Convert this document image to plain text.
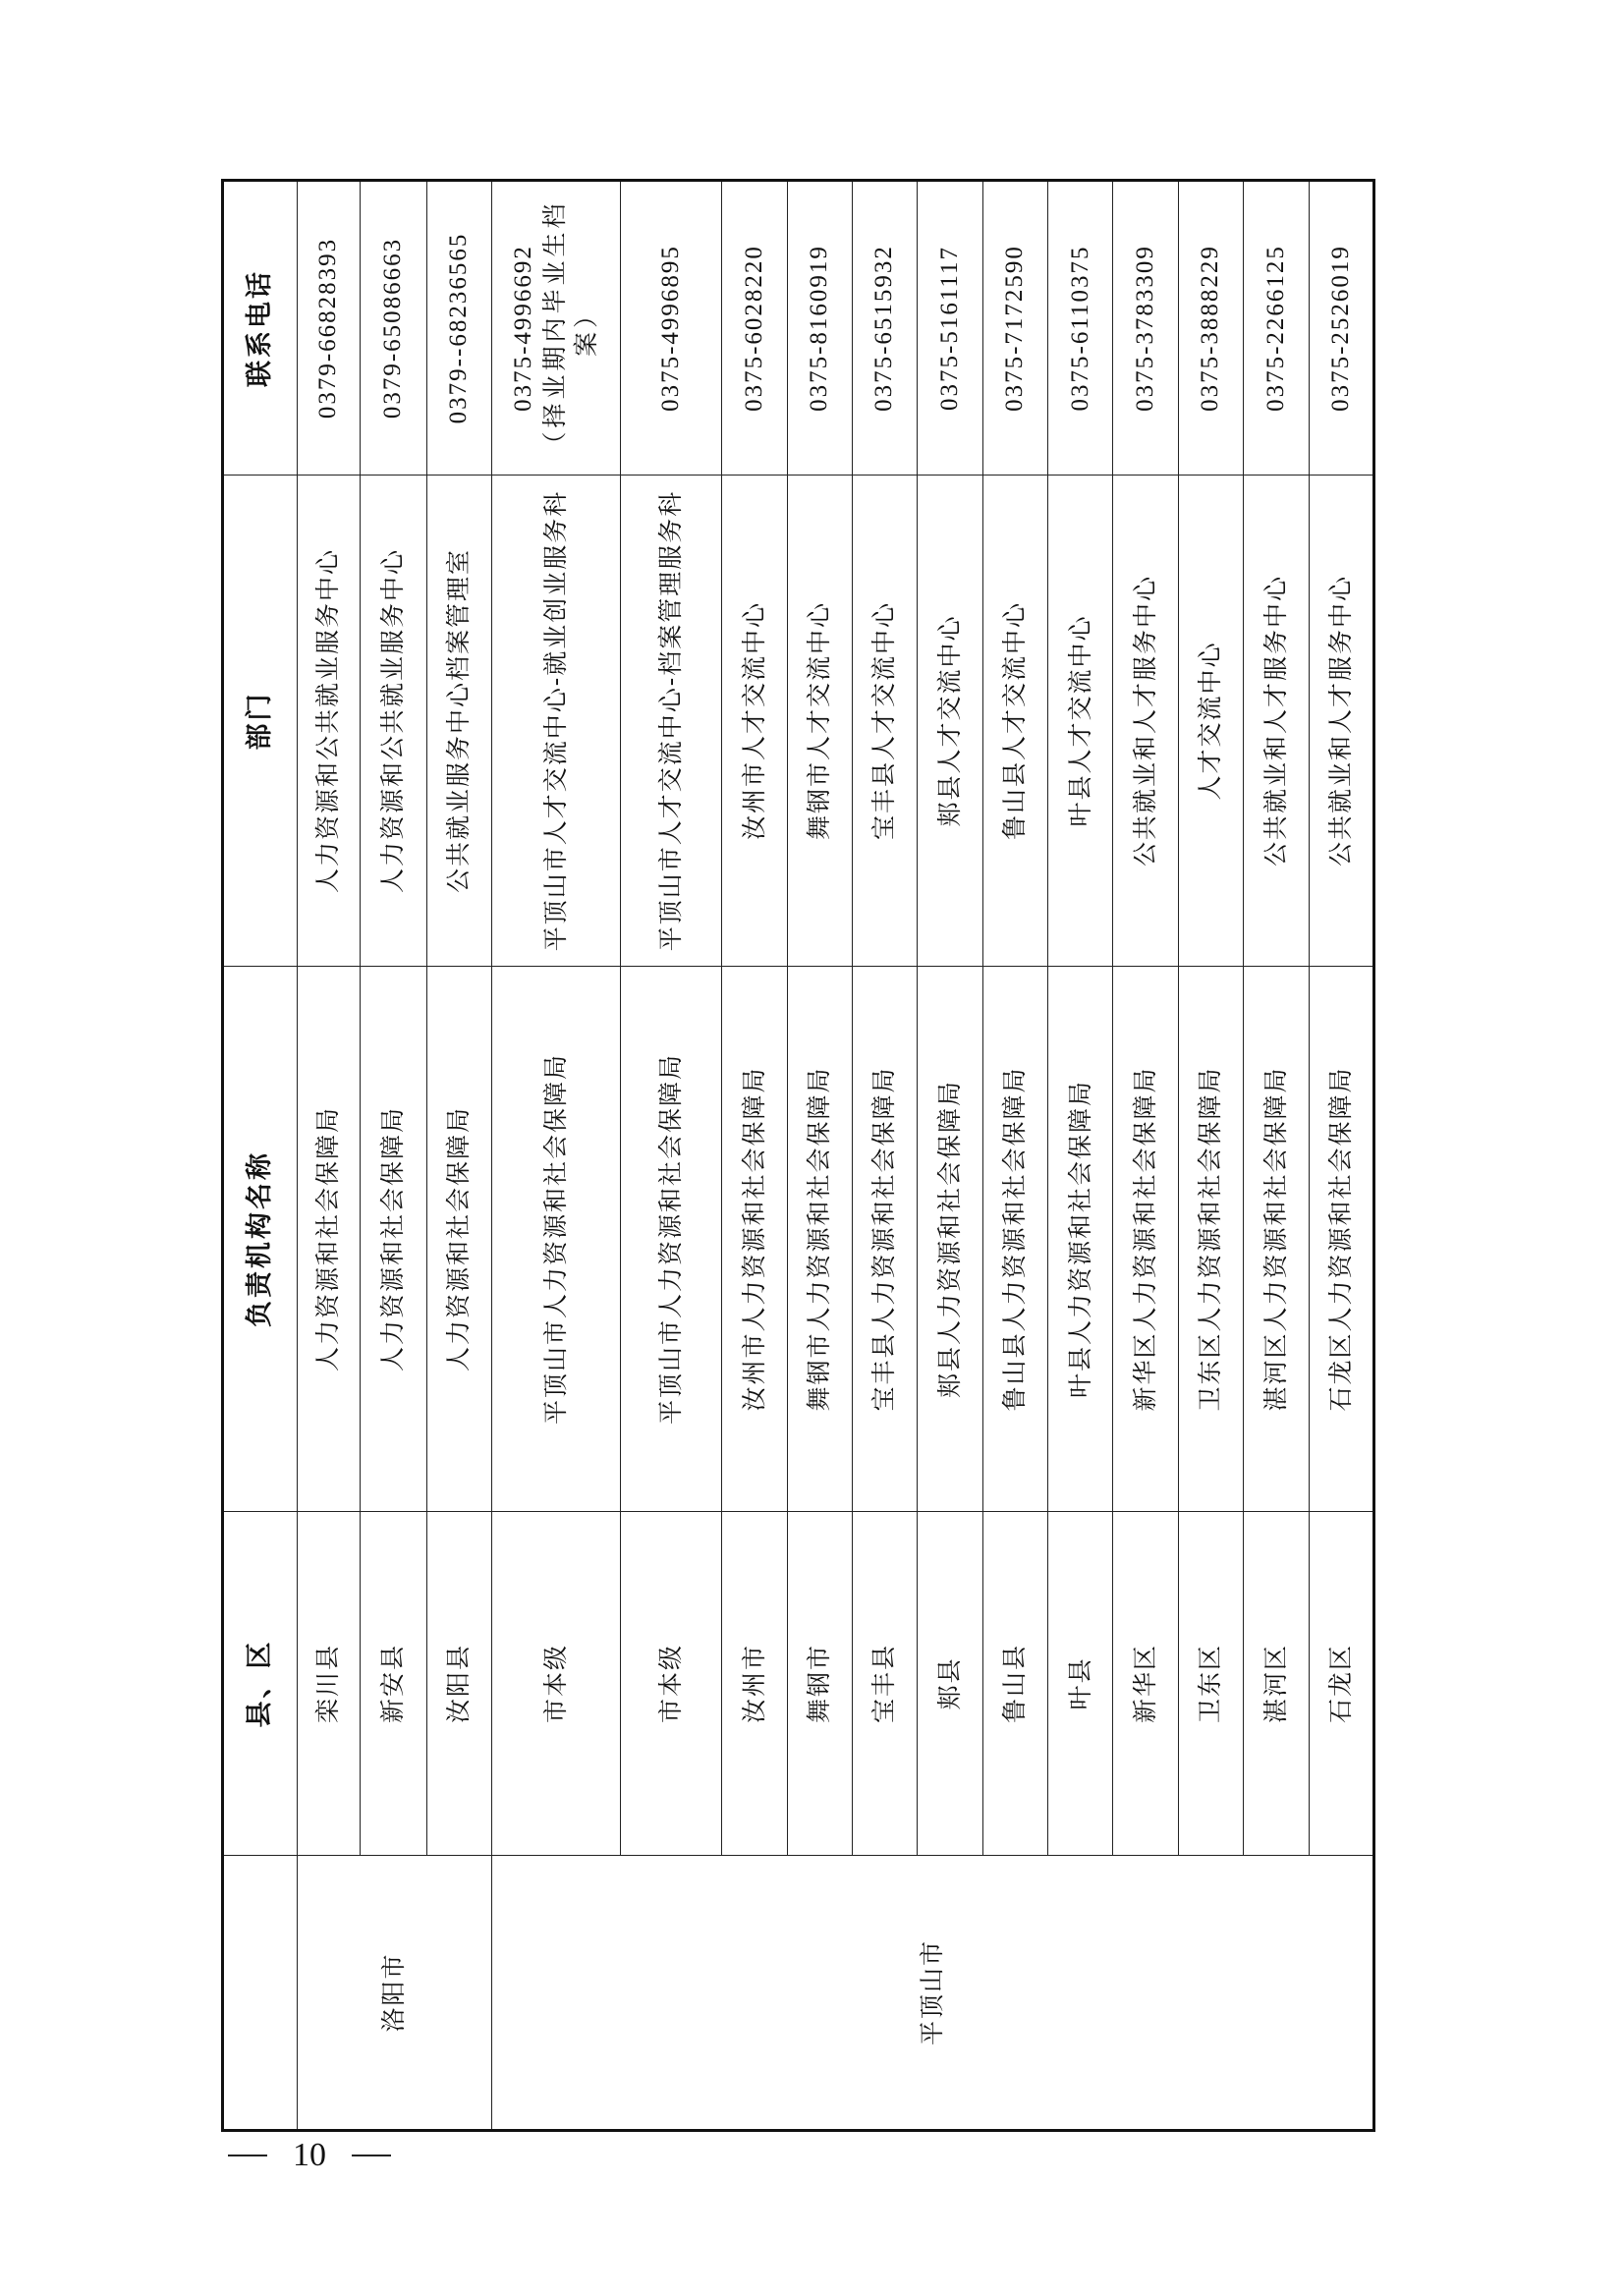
	县、区	负责机构名称	部门	联系电话
洛阳市	栾川县	人力资源和社会保障局	人力资源和公共就业服务中心	0379-66828393
	新安县	人力资源和社会保障局	人力资源和公共就业服务中心	0379-65086663
	汝阳县	人力资源和社会保障局	公共就业服务中心档案管理室	0379--68236565
平顶山市	市本级	平顶山市人力资源和社会保障局	平顶山市人才交流中心-就业创业服务科	0375-4996692 （择业期内毕业生档案）

	市本级	平顶山市人力资源和社会保障局	平顶山市人才交流中心-档案管理服务科	0375-4996895
	汝州市	汝州市人力资源和社会保障局	汝州市人才交流中心	0375-6028220
	舞钢市	舞钢市人力资源和社会保障局	舞钢市人才交流中心	0375-8160919
	宝丰县	宝丰县人力资源和社会保障局	宝丰县人才交流中心	0375-6515932
	郏县	郏县人力资源和社会保障局	郏县人才交流中心	0375-5161117
	鲁山县	鲁山县人力资源和社会保障局	鲁山县人才交流中心	0375-7172590
	叶县	叶县人力资源和社会保障局	叶县人才交流中心	0375-6110375
	新华区	新华区人力资源和社会保障局	公共就业和人才服务中心	0375-3783309
	卫东区	卫东区人力资源和社会保障局	人才交流中心	0375-3888229
	湛河区	湛河区人力资源和社会保障局	公共就业和人才服务中心	0375-2266125
	石龙区	石龙区人力资源和社会保障局	公共就业和人才服务中心	0375-2526019
10
